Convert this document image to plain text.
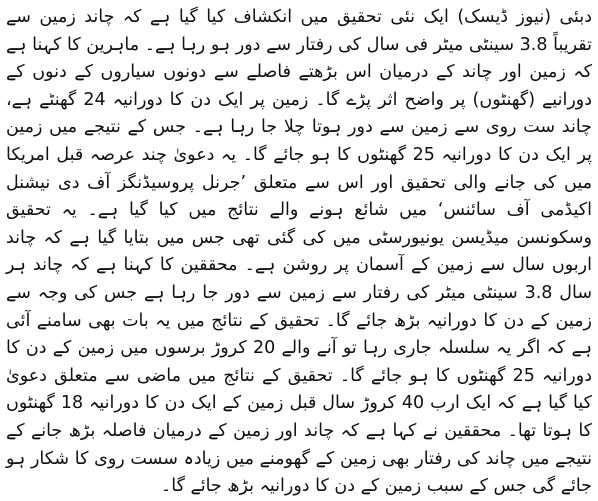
دبئی (نیوز ڈیسک) ایک نئی تحقیق میں انکشاف کیا گیا ہے کہ چاند زمین سے تقریباً 3.8 سینٹی میٹر فی سال کی رفتار سے دور ہو رہا ہے۔ ماہرین کا کہنا ہے کہ زمین اور چاند کے درمیان اس بڑھتے فاصلے سے دونوں سیاروں کے دنوں کے دورانیے (گھنٹوں) پر واضح اثر پڑے گا۔ زمین پر ایک دن کا دورانیہ 24 گھنٹے ہے، چاند ست روی سے زمین سے دور ہوتا چلا جا رہا ہے۔ جس کے نتیجے میں زمین پر ایک دن کا دورانیہ 25 گھنٹوں کا ہو جائے گا۔ یہ دعویٰ چند عرصہ قبل امریکا میں کی جانے والی تحقیق اور اس سے متعلق ’جرنل پروسیڈنگز آف دی نیشنل اکیڈمی آف سائنس‘ میں شائع ہونے والے نتائج میں کیا گیا ہے۔ یہ تحقیق وسکونسن میڈیسن یونیورسٹی میں کی گئی تھی جس میں بتایا گیا ہے کہ چاند اربوں سال سے زمین کے آسمان پر روشن ہے۔ محققین کا کہنا ہے کہ چاند ہر سال 3.8 سینٹی میٹر کی رفتار سے زمین سے دور جا رہا ہے جس کی وجہ سے زمین کے دن کا دورانیہ بڑھ جائے گا۔ تحقیق کے نتائج میں یہ بات بھی سامنے آئی ہے کہ اگر یہ سلسلہ جاری رہا تو آنے والے 20 کروڑ برسوں میں زمین کے دن کا دورانیہ 25 گھنٹوں کا ہو جائے گا۔ تحقیق کے نتائج میں ماضی سے متعلق دعویٰ کیا گیا ہے کہ ایک ارب 40 کروڑ سال قبل زمین کے ایک دن کا دورانیہ 18 گھنٹوں کا ہوتا تھا۔ محققین نے کہا ہے کہ چاند اور زمین کے درمیان فاصلہ بڑھ جانے کے نتیجے میں چاند کی رفتار بھی زمین کے گھومنے میں زیادہ سست روی کا شکار ہو جائے گی جس کے سبب زمین کے دن کا دورانیہ بڑھ جائے گا۔
